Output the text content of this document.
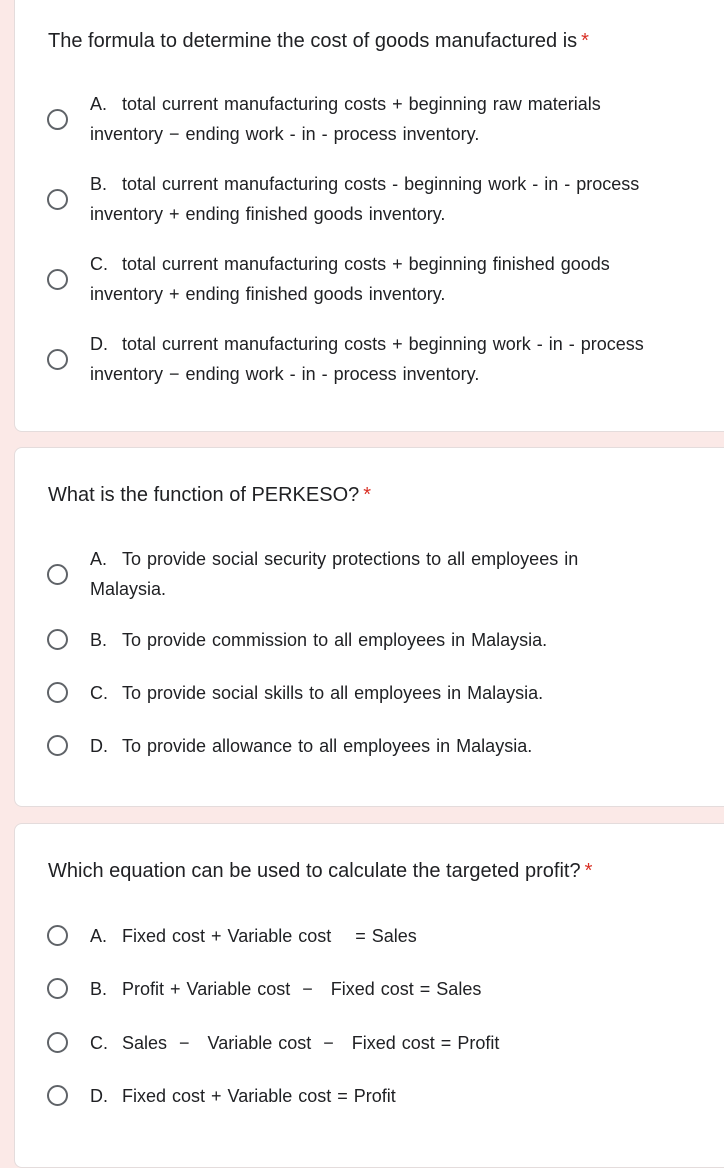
The formula to determine the cost of goods manufactured is *
A. total current manufacturing costs + beginning raw materials inventory − ending work - in - process inventory.
B. total current manufacturing costs - beginning work - in - process inventory + ending finished goods inventory.
C. total current manufacturing costs + beginning finished goods inventory + ending finished goods inventory.
D. total current manufacturing costs + beginning work - in - process inventory − ending work - in - process inventory.
What is the function of PERKESO? *
A. To provide social security protections to all employees in Malaysia.
B. To provide commission to all employees in Malaysia.
C. To provide social skills to all employees in Malaysia.
D. To provide allowance to all employees in Malaysia.
Which equation can be used to calculate the targeted profit? *
A. Fixed cost + Variable cost    = Sales
B. Profit + Variable cost  −   Fixed cost = Sales
C. Sales  −   Variable cost  −   Fixed cost = Profit
D. Fixed cost + Variable cost = Profit
